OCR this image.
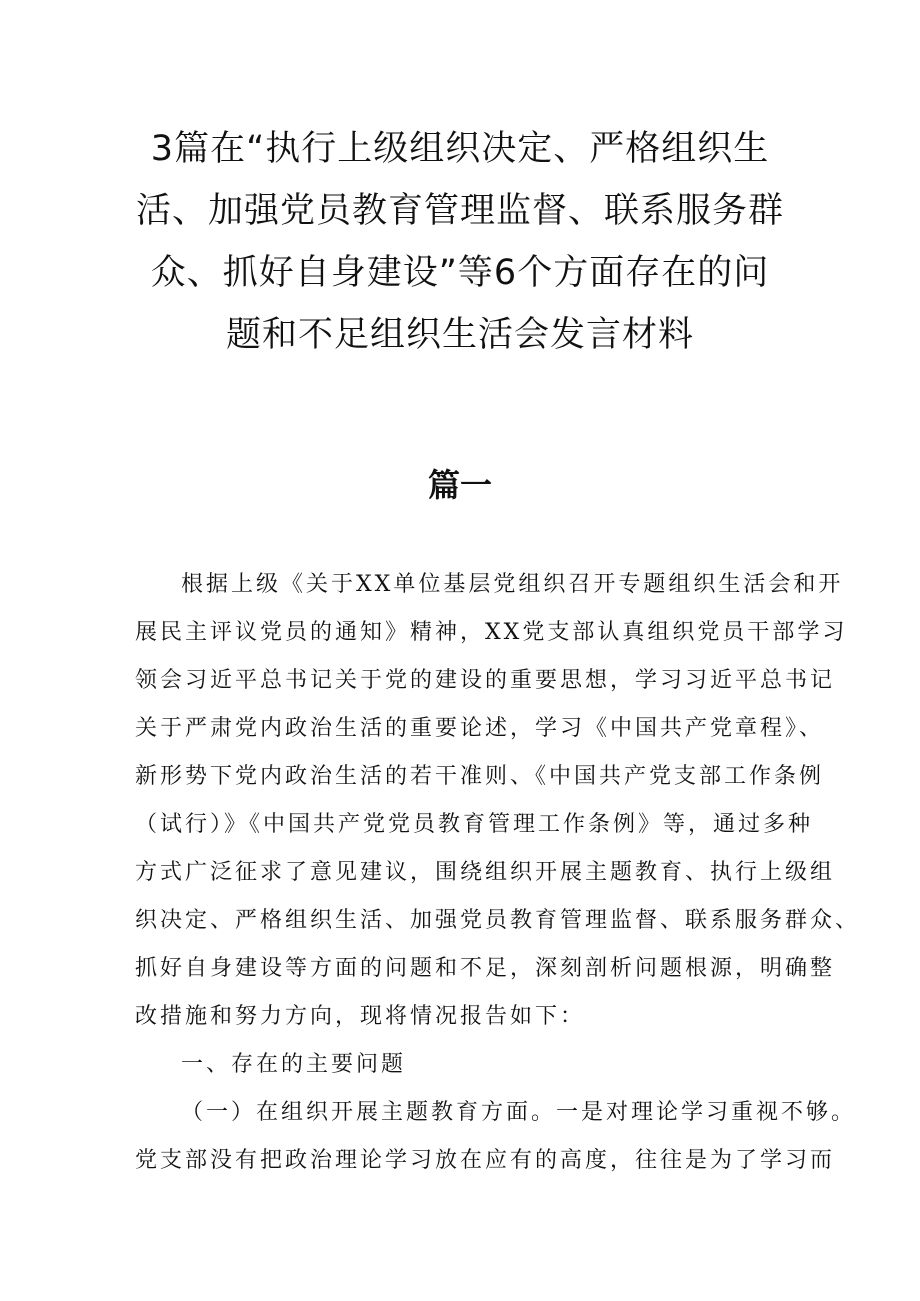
3篇在“执行上级组织决定、严格组织生
活、加强党员教育管理监督、联系服务群
众、抓好自身建设”等6个方面存在的问
题和不足组织生活会发言材料
篇一

根据上级《关于XX单位基层党组织召开专题组织生活会和开
展民主评议党员的通知》精神，XX党支部认真组织党员干部学习
领会习近平总书记关于党的建设的重要思想，学习习近平总书记
关于严肃党内政治生活的重要论述，学习《中国共产党章程》、
新形势下党内政治生活的若干准则、《中国共产党支部工作条例
（试行）》《中国共产党党员教育管理工作条例》等，通过多种
方式广泛征求了意见建议，围绕组织开展主题教育、执行上级组
织决定、严格组织生活、加强党员教育管理监督、联系服务群众、
抓好自身建设等方面的问题和不足，深刻剖析问题根源，明确整
改措施和努力方向，现将情况报告如下：

一、存在的主要问题

（一）在组织开展主题教育方面。一是对理论学习重视不够。
党支部没有把政治理论学习放在应有的高度，往往是为了学习而
